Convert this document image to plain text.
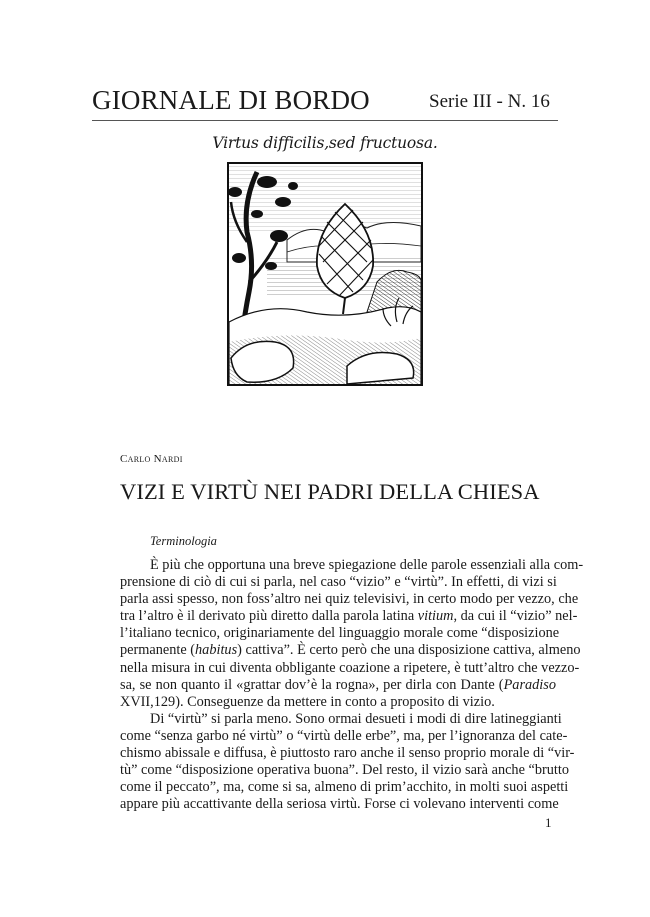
GIORNALE DI BORDO	Serie III - N. 16
Virtus difficilis,sed fructuosa.
Carlo Nardi
VIZI E VIRTÙ NEI PADRI DELLA CHIESA
Terminologia
È più che opportuna una breve spiegazione delle parole essenziali alla com-
prensione di ciò di cui si parla, nel caso “vizio” e “virtù”. In effetti, di vizi si
parla assi spesso, non foss’altro nei quiz televisivi, in certo modo per vezzo, che
tra l’altro è il derivato più diretto dalla parola latina vitium, da cui il “vizio” nel-
l’italiano tecnico, originariamente del linguaggio morale come “disposizione
permanente (habitus) cattiva”. È certo però che una disposizione cattiva, almeno
nella misura in cui diventa obbligante coazione a ripetere, è tutt’altro che vezzo-
sa, se non quanto il «grattar dov’è la rogna», per dirla con Dante (Paradiso
XVII,129). Conseguenze da mettere in conto a proposito di vizio.
Di “virtù” si parla meno. Sono ormai desueti i modi di dire latineggianti
come “senza garbo né virtù” o “virtù delle erbe”, ma, per l’ignoranza del cate-
chismo abissale e diffusa, è piuttosto raro anche il senso proprio morale di “vir-
tù” come “disposizione operativa buona”. Del resto, il vizio sarà anche “brutto
come il peccato”, ma, come si sa, almeno di prim’acchito, in molti suoi aspetti
appare più accattivante della seriosa virtù. Forse ci volevano interventi come
1
